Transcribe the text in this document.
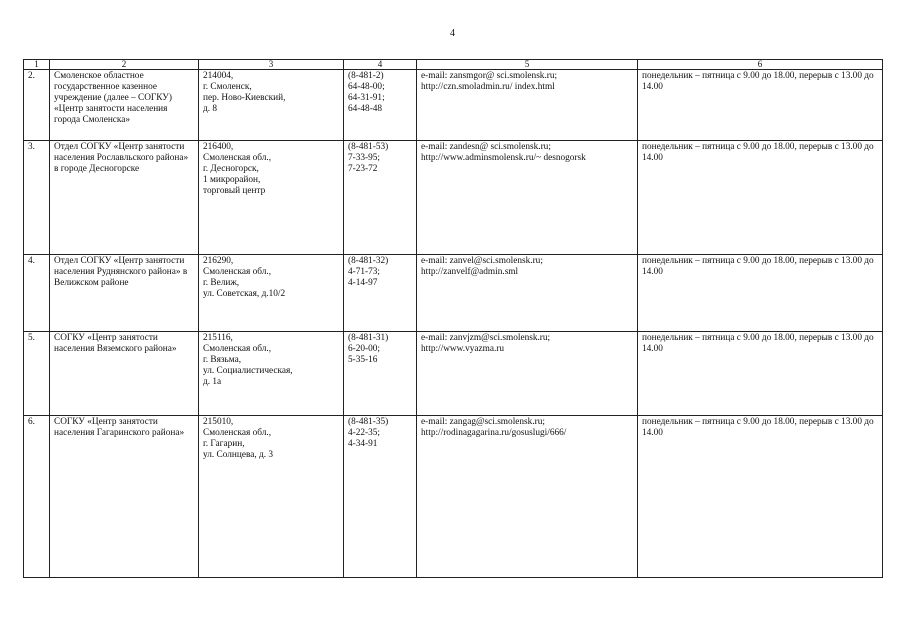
4
1	2	3	4	5	6
2.	Смоленское областное государственное казенное учреждение (далее – СОГКУ) «Центр занятости населения города Смоленска»	214004,
г. Смоленск,
пер. Ново-Киевский,
д. 8	(8-481-2)
64-48-00;
64-31-91;
64-48-48	e-mail: zansmgor@ sci.smolensk.ru;
http://czn.smoladmin.ru/ index.html	понедельник – пятница с 9.00 до 18.00, перерыв с 13.00 до 14.00

3.	Отдел СОГКУ «Центр занятости населения Рославльского района» в городе Десногорске	216400,
Смоленская обл.,
г. Десногорск,
1 микрорайон,
торговый центр	(8-481-53)
7-33-95;
7-23-72	e-mail: zandesn@ sci.smolensk.ru;
http://www.adminsmolensk.ru/~ desnogorsk	понедельник – пятница с 9.00 до 18.00, перерыв с 13.00 до 14.00

4.	Отдел СОГКУ «Центр занятости населения Руднянского района» в Велижском районе	216290,
Смоленская обл.,
г. Велиж,
ул. Советская, д.10/2	(8-481-32)
4-71-73;
4-14-97	e-mail: zanvel@sci.smolensk.ru;
http://zanvelf@admin.sml	понедельник – пятница с 9.00 до 18.00, перерыв с 13.00 до 14.00

5.	СОГКУ «Центр занятости населения Вяземского района»	215116,
Смоленская обл.,
г. Вязьма,
ул. Социалистическая,
д. 1а	(8-481-31)
6-20-00;
5-35-16	e-mail: zanvjzm@sci.smolensk.ru;
http://www.vyazma.ru	понедельник – пятница с 9.00 до 18.00, перерыв с 13.00 до 14.00

6.	СОГКУ «Центр занятости населения Гагаринского района»	215010,
Смоленская обл.,
г. Гагарин,
ул. Солнцева, д. 3	(8-481-35)
4-22-35;
4-34-91	e-mail: zangag@sci.smolensk.ru;
http://rodinagagarina.ru/gosuslugi/666/	понедельник – пятница с 9.00 до 18.00, перерыв с 13.00 до 14.00
